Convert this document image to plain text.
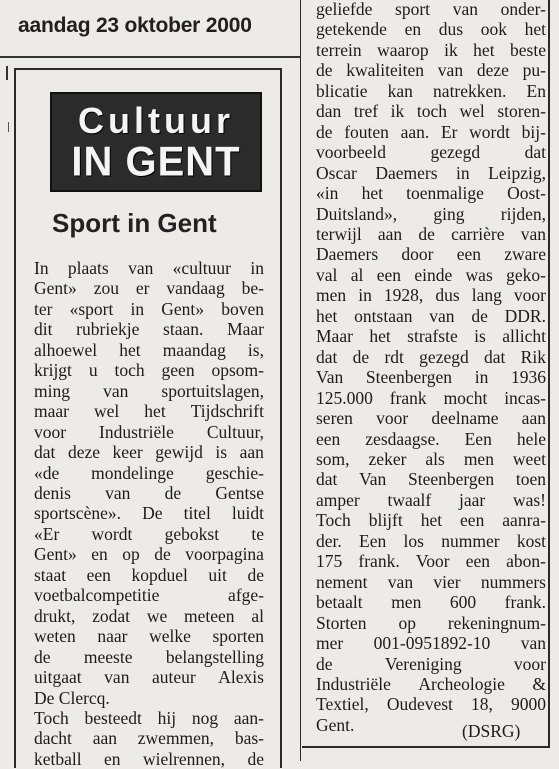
aandag 23 oktober 2000
Cultuur
IN GENT
Sport in Gent
In plaats van «cultuur in
Gent» zou er vandaag be-
ter «sport in Gent» boven
dit rubriekje staan. Maar
alhoewel het maandag is,
krijgt u toch geen opsom-
ming van sportuitslagen,
maar wel het Tijdschrift
voor Industriële Cultuur,
dat deze keer gewijd is aan
«de mondelinge geschie-
denis van de Gentse
sportscène». De titel luidt
«Er wordt gebokst te
Gent» en op de voorpagina
staat een kopduel uit de
voetbalcompetitie	afge-
drukt, zodat we meteen al
weten naar welke sporten
de meeste belangstelling
uitgaat van auteur Alexis
De Clercq.
Toch besteedt hij nog aan-
dacht aan zwemmen, bas-
ketball en wielrennen, de
geliefde sport van onder-
getekende en dus ook het
terrein waarop ik het beste
de kwaliteiten van deze pu-
blicatie kan natrekken. En
dan tref ik toch wel storen-
de fouten aan. Er wordt bij-
voorbeeld	gezegd	dat
Oscar Daemers in Leipzig,
«in het toenmalige Oost-
Duitsland», ging rijden,
terwijl aan de carrière van
Daemers door een zware
val al een einde was geko-
men in 1928, dus lang voor
het ontstaan van de DDR.
Maar het strafste is allicht
dat de rdt gezegd dat Rik
Van Steenbergen in 1936
125.000 frank mocht incas-
seren voor deelname aan
een zesdaagse. Een hele
som, zeker als men weet
dat Van Steenbergen toen
amper twaalf jaar was!
Toch blijft het een aanra-
der. Een los nummer kost
175 frank. Voor een abon-
nement van vier nummers
betaalt men 600 frank.
Storten op rekeningnum-
mer 001-0951892-10 van
de	Vereniging	voor
Industriële Archeologie &
Textiel, Oudevest 18, 9000
Gent.	(DSRG)
